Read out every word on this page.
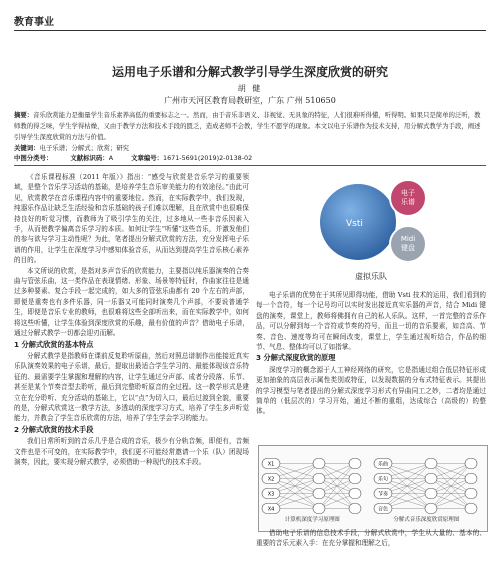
教育事业
运用电子乐谱和分解式教学引导学生深度欣赏的研究
胡 健
广州市天河区教育局教研室，广东 广州 510650
摘要：音乐欣赏能力是衡量学生音乐素养高低的重要标志之一。然而，由于音乐非语义、非视觉、无具象的特征，人们很难听得懂，听得明。如果只是简单的泛听，教师教的得乏味，学生学得枯燥，又由于教学方法和技术手段的匮乏，造成老师不会教，学生不愿学的现象。本文以电子乐谱作为技术支持，用分解式教学为手段，阐述引导学生深度欣赏的方法与价值。
关键词：电子乐谱；分解式；欣赏；研究
中图分类号：	文献标识码：A	文章编号：1671-5691(2019)2-0138-02

《音乐课程标准（2011 年版）》指出：“感受与欣赏是音乐学习的重要领域，是整个音乐学习活动的基础，是培养学生音乐审美能力的有效途径。”由此可见，欣赏教学在音乐课程内容中的重要地位。然而，在实际教学中，我们发现，纯器乐作品让缺乏生活经验和音乐基础的孩子们难以理解，且在欣赏中也很难保持良好的听觉习惯，而教师为了吸引学生的关注，过多地从一些非音乐因素入手，从而使教学偏离音乐学习的本质。如何让学生“听懂”这些音乐，并激发他们的参与欲与学习主动性呢？为此，笔者提出分解式欣赏的方法，充分发挥电子乐谱的作用，让学生在深度学习中感知体验音乐，从而达到提高学生音乐核心素养的目的。

本文所说的欣赏，是指对多声音乐的欣赏能力，主要指以纯乐器演奏的合奏曲与管弦乐曲，这一类作品在表现情绪、形象、场景等特征时，作曲家往往是通过多种要素、复合手段一起完成的，如大多的管弦乐曲都有 20 个左右的声部，即便是重奏也有多件乐器，同一乐器又可能同时演奏几个声部，不要说普通学生，即便是音乐专业的教师，也很难将这些全部听出来，而在实际教学中，如何将这些听懂，让学生体验到深度欣赏的乐趣，最有价值的声音？借助电子乐谱，通过分解式教学一切都会迎刃而解。

1 分解式欣赏的基本特点

分解式教学是指教师在课前反复聆听原曲，然后对照总谱制作出能接近真实乐队演奏效果的电子乐谱，最后，提取出最适合学生学习的、最能体现该音乐特征的、最需要学生掌握和理解的内容，让学生通过分声部、成者分段落、乐节、甚至是某个节奏音型去聆听，最后到完整聆听原音的全过程。这一教学形式是建立在充分聆听、充分活动的基础上，它以“点”为切入口，最后过渡到全貌，重要的是，分解式欣赏这一教学方法，多透动的深度学习方式，培养了学生多声听觉能力，并教会了学生音乐欣赏的方法，培养了学生学会学习的能力。

2 分解式欣赏的技术手段

我们日常所听到的音乐几乎是合成的音乐，极少有分轨音频，即便有，音频文件也是不可变的，在实际教学中，我们更不可能经常邀请一个乐（队）团现场演奏，因此，要实现分解式教学，必须借助一种现代的技术手段。

Vsti
电子乐谱
Midi 键盘
虚拟乐队

电子乐谱的优势在于其所见即得功能，借助 Vsti 技术的运用，我们看到的每一个音符，每一个记号均可以实时发出接近真实乐器的声音，结合 Midi 键盘的演奏，课堂上，教师将佛拥有自己的私人乐队。这样，一首完整的音乐作品，可以分解到每一个音符或节奏的符号，而且一切的音乐要素，如音高、节奏、音色、速度等均可在瞬间改变，课堂上，学生通过视听结合，作品的细节、气息、整体均可以了如指掌。

3 分解式深度欣赏的原理

深度学习的概念源于人工神经网络的研究，它是指通过组合低层特征形成更加抽象的高层表示属性类别或特征，以发现数据的分布式特征表示。其提出的学习模型与笔者提出的分解式深度学习形式有异曲同工之妙，二者均是通过简单的（低层次的）学习开始，通过不断的重组，达成综合（高级的）的整体。

X1
X2
X3
X4
乐曲
乐句
节奏
音色
计算机深度学习原理图	分解式音乐深度欣赏原理图

借助电子乐谱的信息技术手段，分解式欣赏中，学生从大量的、基本的、重要的音乐元素入手：在充分掌握和理解之后，
